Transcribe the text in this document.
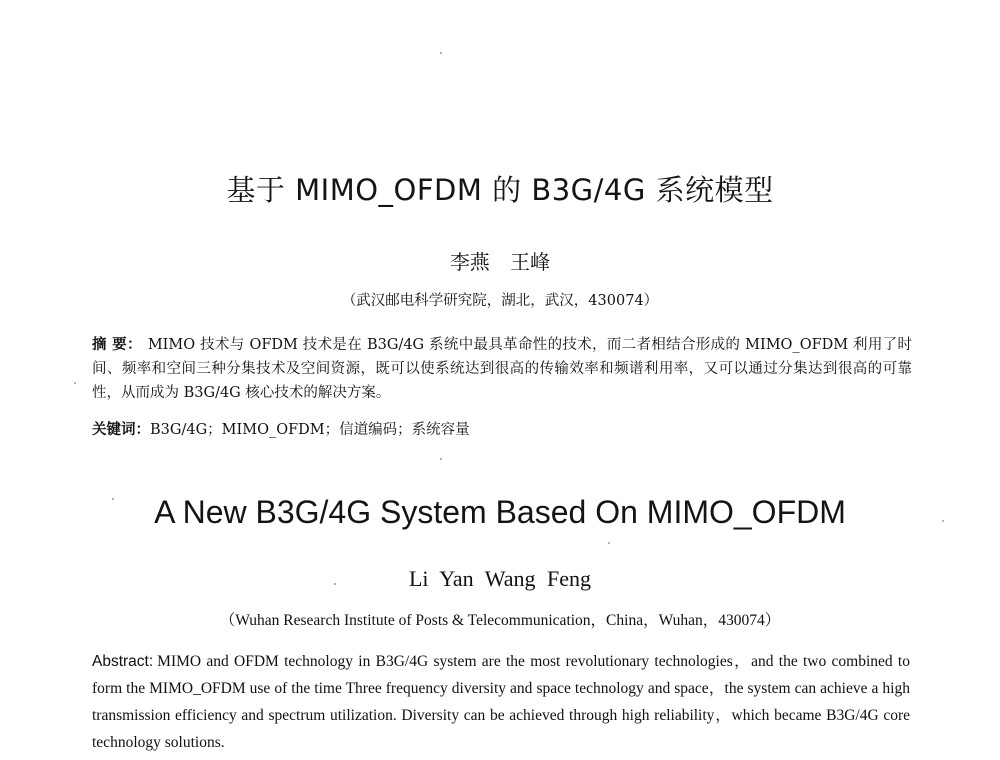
基于 MIMO_OFDM 的 B3G/4G 系统模型
李燕 王峰
（武汉邮电科学研究院，湖北，武汉，430074）
摘 要： MIMO 技术与 OFDM 技术是在 B3G/4G 系统中最具革命性的技术，而二者相结合形成的 MIMO_OFDM 利用了时间、频率和空间三种分集技术及空间资源，既可以使系统达到很高的传输效率和频谱利用率，又可以通过分集达到很高的可靠性，从而成为 B3G/4G 核心技术的解决方案。
关键词：B3G/4G；MIMO_OFDM；信道编码；系统容量
A New B3G/4G System Based On MIMO_OFDM
Li Yan Wang Feng
（Wuhan Research Institute of Posts & Telecommunication，China，Wuhan，430074）
Abstract: MIMO and OFDM technology in B3G/4G system are the most revolutionary technologies，and the two combined to form the MIMO_OFDM use of the time Three frequency diversity and space technology and space，the system can achieve a high transmission efficiency and spectrum utilization. Diversity can be achieved through high reliability，which became B3G/4G core technology solutions.
